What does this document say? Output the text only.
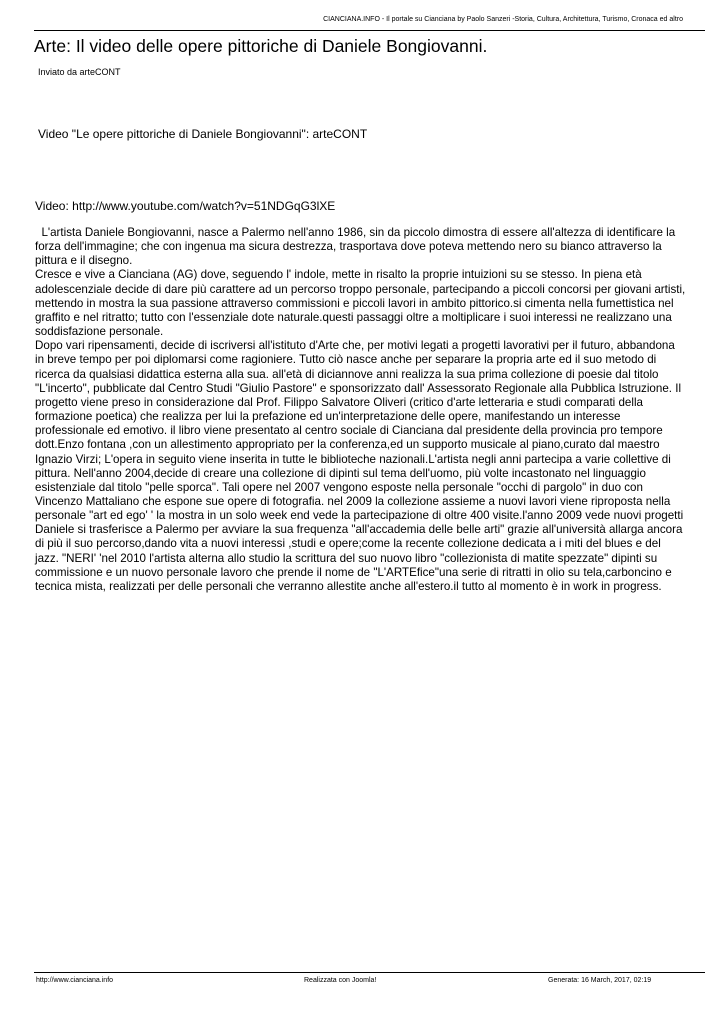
CIANCIANA.INFO - Il portale su Cianciana by Paolo Sanzeri -Storia, Cultura, Architettura, Turismo, Cronaca ed altro
Arte: Il video delle opere pittoriche di Daniele Bongiovanni.
Inviato da arteCONT
Video "Le opere pittoriche di Daniele Bongiovanni": arteCONT
Video: http://www.youtube.com/watch?v=51NDGqG3lXE

L'artista Daniele Bongiovanni, nasce a Palermo nell'anno 1986, sin da piccolo dimostra di essere all'altezza di identificare la forza dell'immagine; che con ingenua ma sicura destrezza, trasportava dove poteva mettendo nero su bianco attraverso la pittura e il disegno.

Cresce e vive a Cianciana (AG) dove, seguendo l' indole, mette in risalto la proprie intuizioni su se stesso. In piena età adolescenziale decide di dare più carattere ad un percorso troppo personale, partecipando a piccoli concorsi per giovani artisti, mettendo in mostra la sua passione attraverso commissioni e piccoli lavori in ambito pittorico.si cimenta nella fumettistica nel graffito e nel ritratto; tutto con l'essenziale dote naturale.questi passaggi oltre a moltiplicare i suoi interessi ne realizzano una soddisfazione personale.

Dopo vari ripensamenti, decide di iscriversi all'istituto d'Arte che, per motivi legati a progetti lavorativi per il futuro, abbandona in breve tempo per poi diplomarsi come ragioniere. Tutto ciò nasce anche per separare la propria arte ed il suo metodo di ricerca da qualsiasi didattica esterna alla sua. all'età di diciannove anni realizza la sua prima collezione di poesie dal titolo "L'incerto", pubblicate dal Centro Studi "Giulio Pastore" e sponsorizzato dall' Assessorato Regionale alla Pubblica Istruzione. Il progetto viene preso in considerazione dal Prof. Filippo Salvatore Oliveri (critico d'arte letteraria e studi comparati della formazione poetica) che realizza per lui la prefazione ed un'interpretazione delle opere, manifestando un interesse professionale ed emotivo. il libro viene presentato al centro sociale di Cianciana dal presidente della provincia pro tempore dott.Enzo fontana ,con un allestimento appropriato per la conferenza,ed un supporto musicale al piano,curato dal maestro Ignazio Virzi; L'opera in seguito viene inserita in tutte le biblioteche nazionali.L'artista negli anni partecipa a varie collettive di pittura. Nell'anno 2004,decide di creare una collezione di dipinti sul tema dell'uomo, più volte incastonato nel linguaggio esistenziale dal titolo "pelle sporca". Tali opere nel 2007 vengono esposte nella personale "occhi di pargolo" in duo con Vincenzo Mattaliano che espone sue opere di fotografia. nel 2009 la collezione assieme a nuovi lavori viene riproposta nella personale "art ed ego' ' la mostra in un solo week end vede la partecipazione di oltre 400 visite.l'anno 2009 vede nuovi progetti Daniele si trasferisce a Palermo per avviare la sua frequenza "all'accademia delle belle arti" grazie all'università allarga ancora di più il suo percorso,dando vita a nuovi interessi ,studi e opere;come la recente collezione dedicata a i miti del blues e del jazz. "NERI' 'nel 2010 l'artista alterna allo studio la scrittura del suo nuovo libro "collezionista di matite spezzate" dipinti su commissione e un nuovo personale lavoro che prende il nome de "L'ARTEfice"una serie di ritratti in olio su tela,carboncino e tecnica mista, realizzati per delle personali che verranno allestite anche all'estero.il tutto al momento è in work in progress.

http://www.cianciana.info	Realizzata con Joomla!	Generata: 16 March, 2017, 02:19
